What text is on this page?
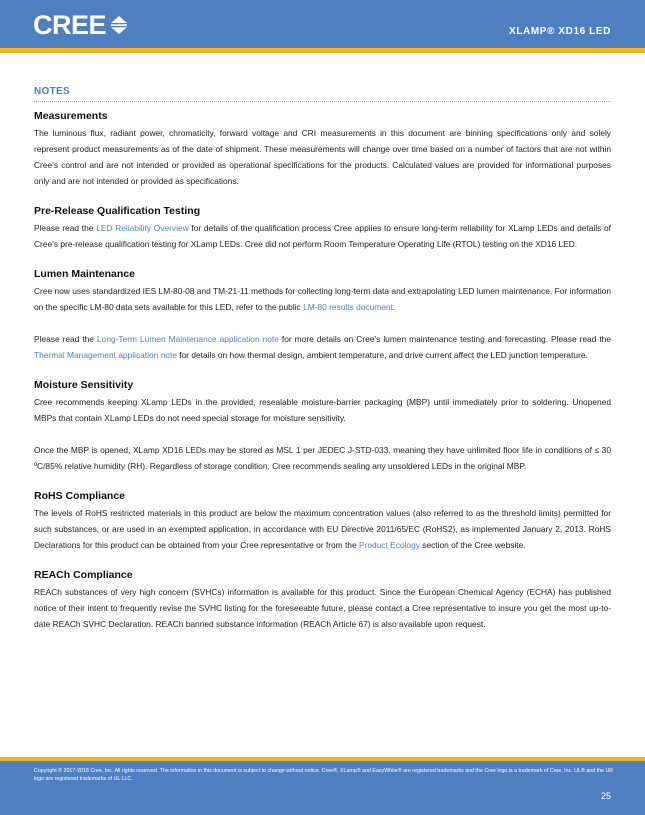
CREE	XLAMP® XD16 LED
NOTES
Measurements

The luminous flux, radiant power, chromaticity, forward voltage and CRI measurements in this document are binning specifications only and solely represent product measurements as of the date of shipment. These measurements will change over time based on a number of factors that are not within Cree’s control and are not intended or provided as operational specifications for the products. Calculated values are provided for informational purposes only and are not intended or provided as specifications.

Pre-Release Qualification Testing

Please read the LED Reliability Overview for details of the qualification process Cree applies to ensure long-term reliability for XLamp LEDs and details of Cree’s pre-release qualification testing for XLamp LEDs. Cree did not perform Room Temperature Operating Life (RTOL) testing on the XD16 LED.

Lumen Maintenance

Cree now uses standardized IES LM-80-08 and TM-21-11 methods for collecting long-term data and extrapolating LED lumen maintenance. For information on the specific LM-80 data sets available for this LED, refer to the public LM-80 results document.

Please read the Long-Term Lumen Maintenance application note for more details on Cree’s lumen maintenance testing and forecasting. Please read the Thermal Management application note for details on how thermal design, ambient temperature, and drive current affect the LED junction temperature.

Moisture Sensitivity

Cree recommends keeping XLamp LEDs in the provided, resealable moisture-barrier packaging (MBP) until immediately prior to soldering. Unopened MBPs that contain XLamp LEDs do not need special storage for moisture sensitivity.

Once the MBP is opened, XLamp XD16 LEDs may be stored as MSL 1 per JEDEC J-STD-033, meaning they have unlimited floor life in conditions of ≤ 30 ºC/85% relative humidity (RH). Regardless of storage condition, Cree recommends sealing any unsoldered LEDs in the original MBP.

RoHS Compliance

The levels of RoHS restricted materials in this product are below the maximum concentration values (also referred to as the threshold limits) permitted for such substances, or are used in an exempted application, in accordance with EU Directive 2011/65/EC (RoHS2), as implemented January 2, 2013. RoHS Declarations for this product can be obtained from your Cree representative or from the Product Ecology section of the Cree website.

REACh Compliance

REACh substances of very high concern (SVHCs) information is available for this product. Since the European Chemical Agency (ECHA) has published notice of their intent to frequently revise the SVHC listing for the foreseeable future, please contact a Cree representative to insure you get the most up-to-date REACh SVHC Declaration. REACh banned substance information (REACh Article 67) is also available upon request.

Copyright © 2017-2018 Cree, Inc. All rights reserved. The information in this document is subject to change without notice. Cree®, XLamp® and EasyWhite® are registered trademarks and the Cree logo is a trademark of Cree, Inc. UL® and the UR logo are registered trademarks of UL LLC.
25
